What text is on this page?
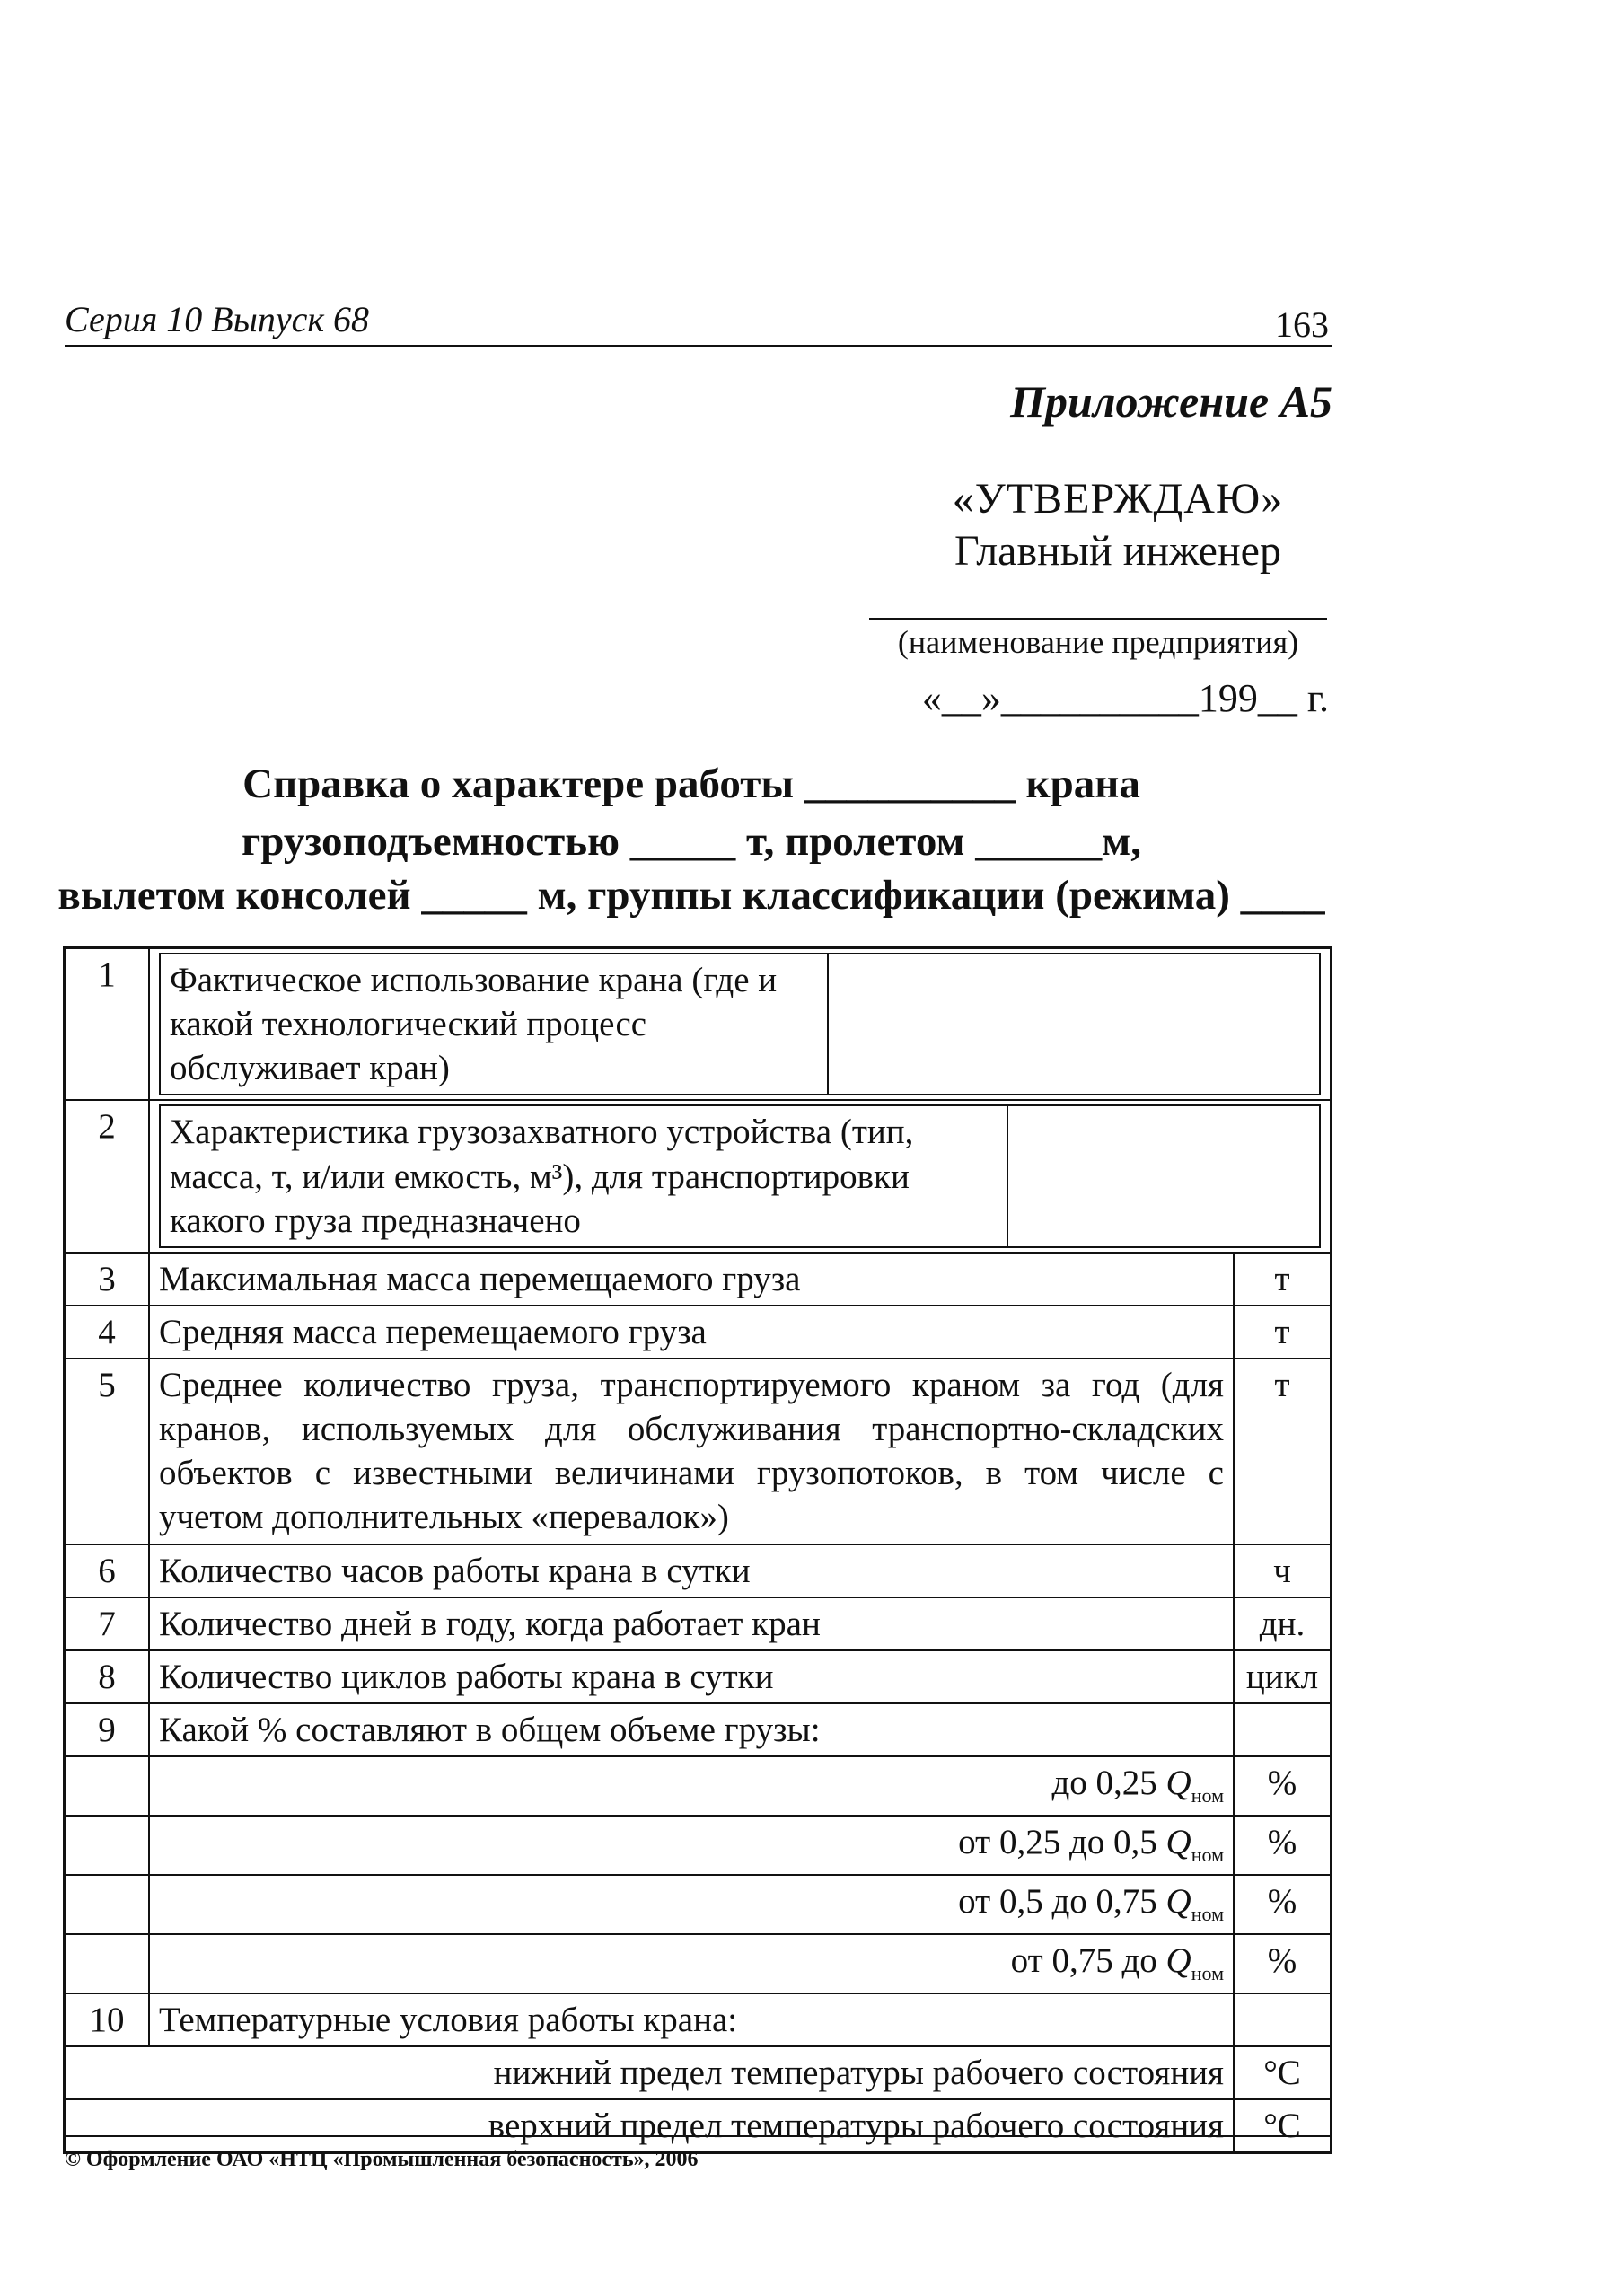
Серия 10 Выпуск 68	163
Приложение А5
«УТВЕРЖДАЮ»
Главный инженер
(наименование предприятия)
«__»__________199__ г.
Справка о характере работы __________ крана
грузоподъемностью _____ т, пролетом ______м,
вылетом консолей _____ м, группы классификации (режима) ____
1	Фактическое использование крана (где и какой технологический процесс обслуживает кран)	

2	Характеристика грузозахватного устройства (тип, масса, т, и/или емкость, м³), для транспортировки какого груза предназначено	

3	Максимальная масса перемещаемого груза	т
4	Средняя масса перемещаемого груза	т
5	Среднее количество груза, транспортируемого краном за год (для кранов, используемых для обслуживания транспортно-складских объектов с известными величинами грузопотоков, в том числе с учетом дополнительных «перевалок»)	т
6	Количество часов работы крана в сутки	ч
7	Количество дней в году, когда работает кран	дн.
8	Количество циклов работы крана в сутки	цикл
9	Какой % составляют в общем объеме грузы:	
	до 0,25 $Q_{ном}$	%
	от 0,25 до 0,5 $Q_{ном}$	%
	от 0,5 до 0,75 $Q_{ном}$	%
	от 0,75 до $Q_{ном}$	%
10	Температурные условия работы крана:	
нижний предел температуры рабочего состояния	°С
верхний предел температуры рабочего состояния	°С
© Оформление ОАО «НТЦ «Промышленная безопасность», 2006
